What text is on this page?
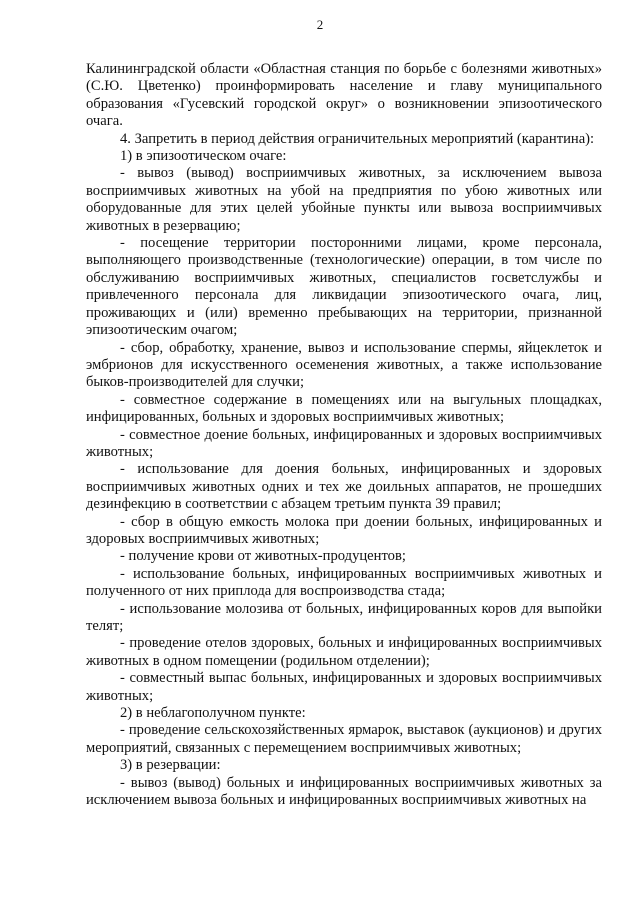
2

Калининградской области «Областная станция по борьбе с болезнями животных» (С.Ю. Цветенко) проинформировать население и главу муниципального образования «Гусевский городской округ» о возникновении эпизоотического очага.

4. Запретить в период действия ограничительных мероприятий (карантина):

1) в эпизоотическом очаге:

- вывоз (вывод) восприимчивых животных, за исключением вывоза восприимчивых животных на убой на предприятия по убою животных или оборудованные для этих целей убойные пункты или вывоза восприимчивых животных в резервацию;

- посещение территории посторонними лицами, кроме персонала, выполняющего производственные (технологические) операции, в том числе по обслуживанию восприимчивых животных, специалистов госветслужбы и привлеченного персонала для ликвидации эпизоотического очага, лиц, проживающих и (или) временно пребывающих на территории, признанной эпизоотическим очагом;

- сбор, обработку, хранение, вывоз и использование спермы, яйцеклеток и эмбрионов для искусственного осеменения животных, а также использование быков-производителей для случки;

- совместное содержание в помещениях или на выгульных площадках, инфицированных, больных и здоровых восприимчивых животных;

- совместное доение больных, инфицированных и здоровых восприимчивых животных;

- использование для доения больных, инфицированных и здоровых восприимчивых животных одних и тех же доильных аппаратов, не прошедших дезинфекцию в соответствии с абзацем третьим пункта 39 правил;

- сбор в общую емкость молока при доении больных, инфицированных и здоровых восприимчивых животных;

- получение крови от животных-продуцентов;

- использование больных, инфицированных восприимчивых животных и полученного от них приплода для воспроизводства стада;

- использование молозива от больных, инфицированных коров для выпойки телят;

- проведение отелов здоровых, больных и инфицированных восприимчивых животных в одном помещении (родильном отделении);

- совместный выпас больных, инфицированных и здоровых восприимчивых животных;

2) в неблагополучном пункте:

- проведение сельскохозяйственных ярмарок, выставок (аукционов) и других мероприятий, связанных с перемещением восприимчивых животных;

3) в резервации:

- вывоз (вывод) больных и инфицированных восприимчивых животных за исключением вывоза больных и инфицированных восприимчивых животных на
